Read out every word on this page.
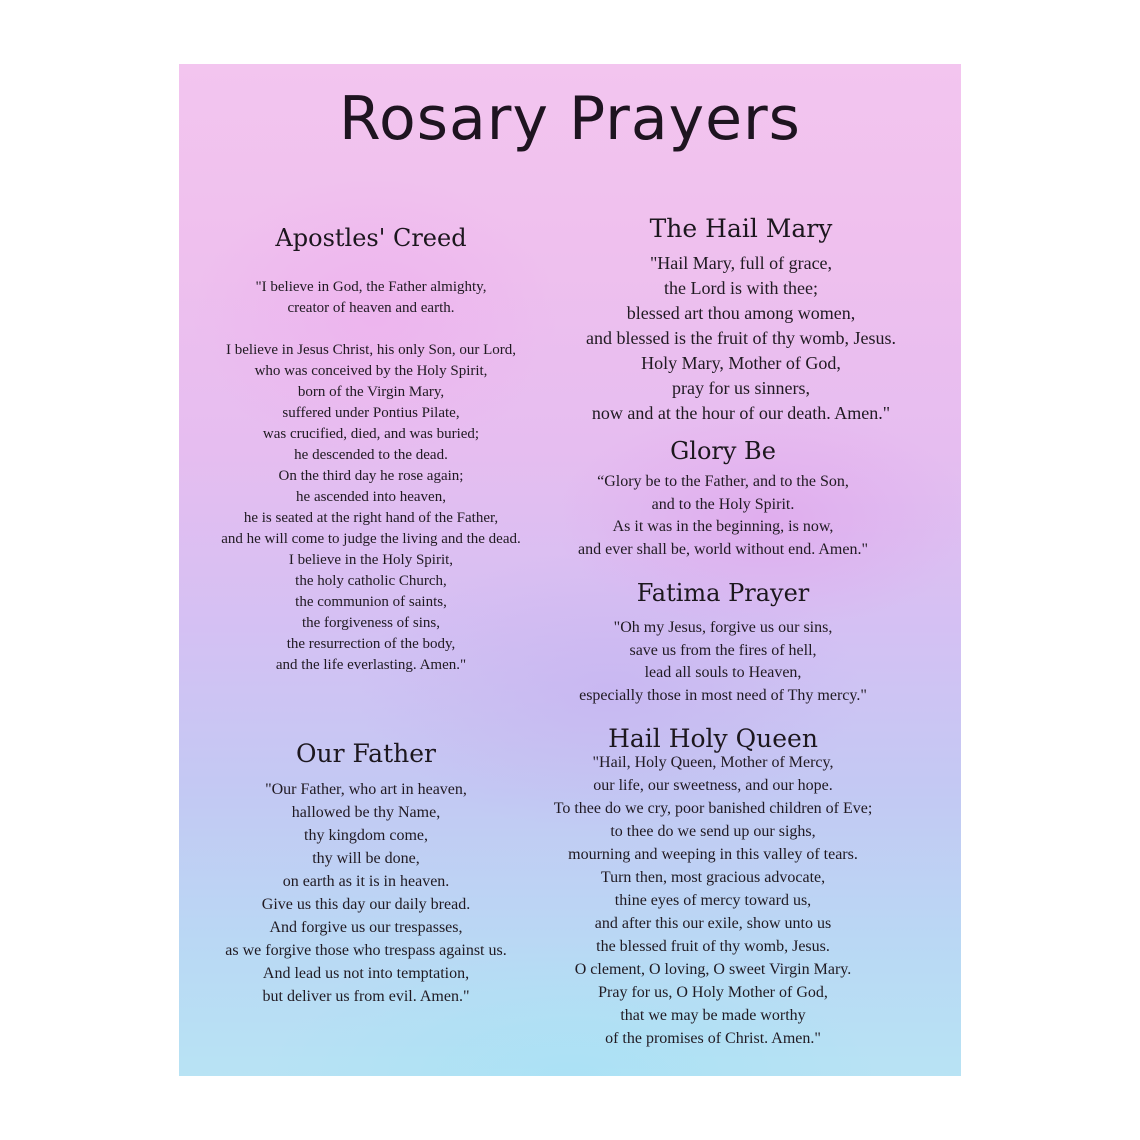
Rosary Prayers
Apostles' Creed

"I believe in God, the Father almighty,
creator of heaven and earth.

I believe in Jesus Christ, his only Son, our Lord,
who was conceived by the Holy Spirit,
born of the Virgin Mary,
suffered under Pontius Pilate,
was crucified, died, and was buried;
he descended to the dead.
On the third day he rose again;
he ascended into heaven,
he is seated at the right hand of the Father,
and he will come to judge the living and the dead.
I believe in the Holy Spirit,
the holy catholic Church,
the communion of saints,
the forgiveness of sins,
the resurrection of the body,
and the life everlasting. Amen."

Our Father

"Our Father, who art in heaven,
hallowed be thy Name,
thy kingdom come,
thy will be done,
on earth as it is in heaven.
Give us this day our daily bread.
And forgive us our trespasses,
as we forgive those who trespass against us.
And lead us not into temptation,
but deliver us from evil. Amen."

The Hail Mary

"Hail Mary, full of grace,
the Lord is with thee;
blessed art thou among women,
and blessed is the fruit of thy womb, Jesus.
Holy Mary, Mother of God,
pray for us sinners,
now and at the hour of our death. Amen."

Glory Be

“Glory be to the Father, and to the Son,
and to the Holy Spirit.
As it was in the beginning, is now,
and ever shall be, world without end. Amen."

Fatima Prayer

"Oh my Jesus, forgive us our sins,
save us from the fires of hell,
lead all souls to Heaven,
especially those in most need of Thy mercy."

Hail Holy Queen

"Hail, Holy Queen, Mother of Mercy,
our life, our sweetness, and our hope.
To thee do we cry, poor banished children of Eve;
to thee do we send up our sighs,
mourning and weeping in this valley of tears.
Turn then, most gracious advocate,
thine eyes of mercy toward us,
and after this our exile, show unto us
the blessed fruit of thy womb, Jesus.
O clement, O loving, O sweet Virgin Mary.
Pray for us, O Holy Mother of God,
that we may be made worthy
of the promises of Christ. Amen."
